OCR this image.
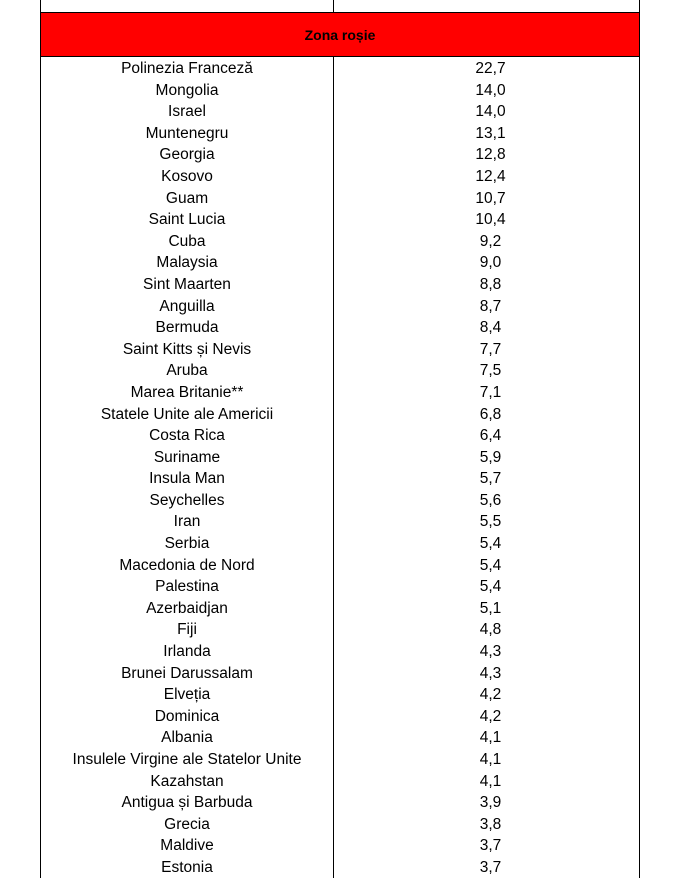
Zona roșie
Polinezia Franceză	22,7
Mongolia	14,0
Israel	14,0
Muntenegru	13,1
Georgia	12,8
Kosovo	12,4
Guam	10,7
Saint Lucia	10,4
Cuba	9,2
Malaysia	9,0
Sint Maarten	8,8
Anguilla	8,7
Bermuda	8,4
Saint Kitts și Nevis	7,7
Aruba	7,5
Marea Britanie**	7,1
Statele Unite ale Americii	6,8
Costa Rica	6,4
Suriname	5,9
Insula Man	5,7
Seychelles	5,6
Iran	5,5
Serbia	5,4
Macedonia de Nord	5,4
Palestina	5,4
Azerbaidjan	5,1
Fiji	4,8
Irlanda	4,3
Brunei Darussalam	4,3
Elveția	4,2
Dominica	4,2
Albania	4,1
Insulele Virgine ale Statelor Unite	4,1
Kazahstan	4,1
Antigua și Barbuda	3,9
Grecia	3,8
Maldive	3,7
Estonia	3,7
